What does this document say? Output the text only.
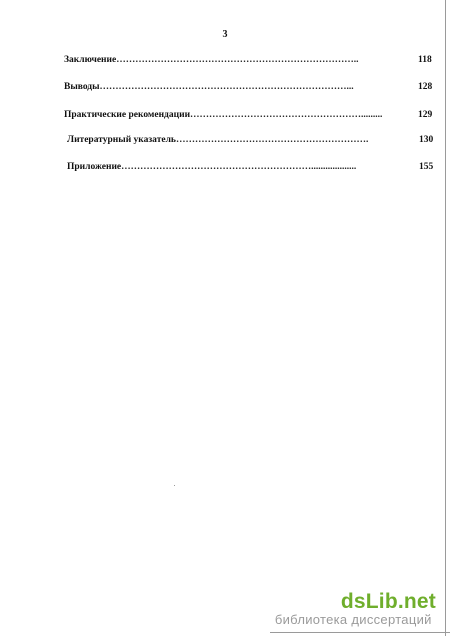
3
Заключение…………………………………………………………………..	118
Выводы……………………………………………………………………...	128
Практические рекомендации……………………………………………….........	129
Литературный указатель…………………………………………………….	130
Приложение……………………………………………………...................	155
dsLib.net
библиотека диссертаций
